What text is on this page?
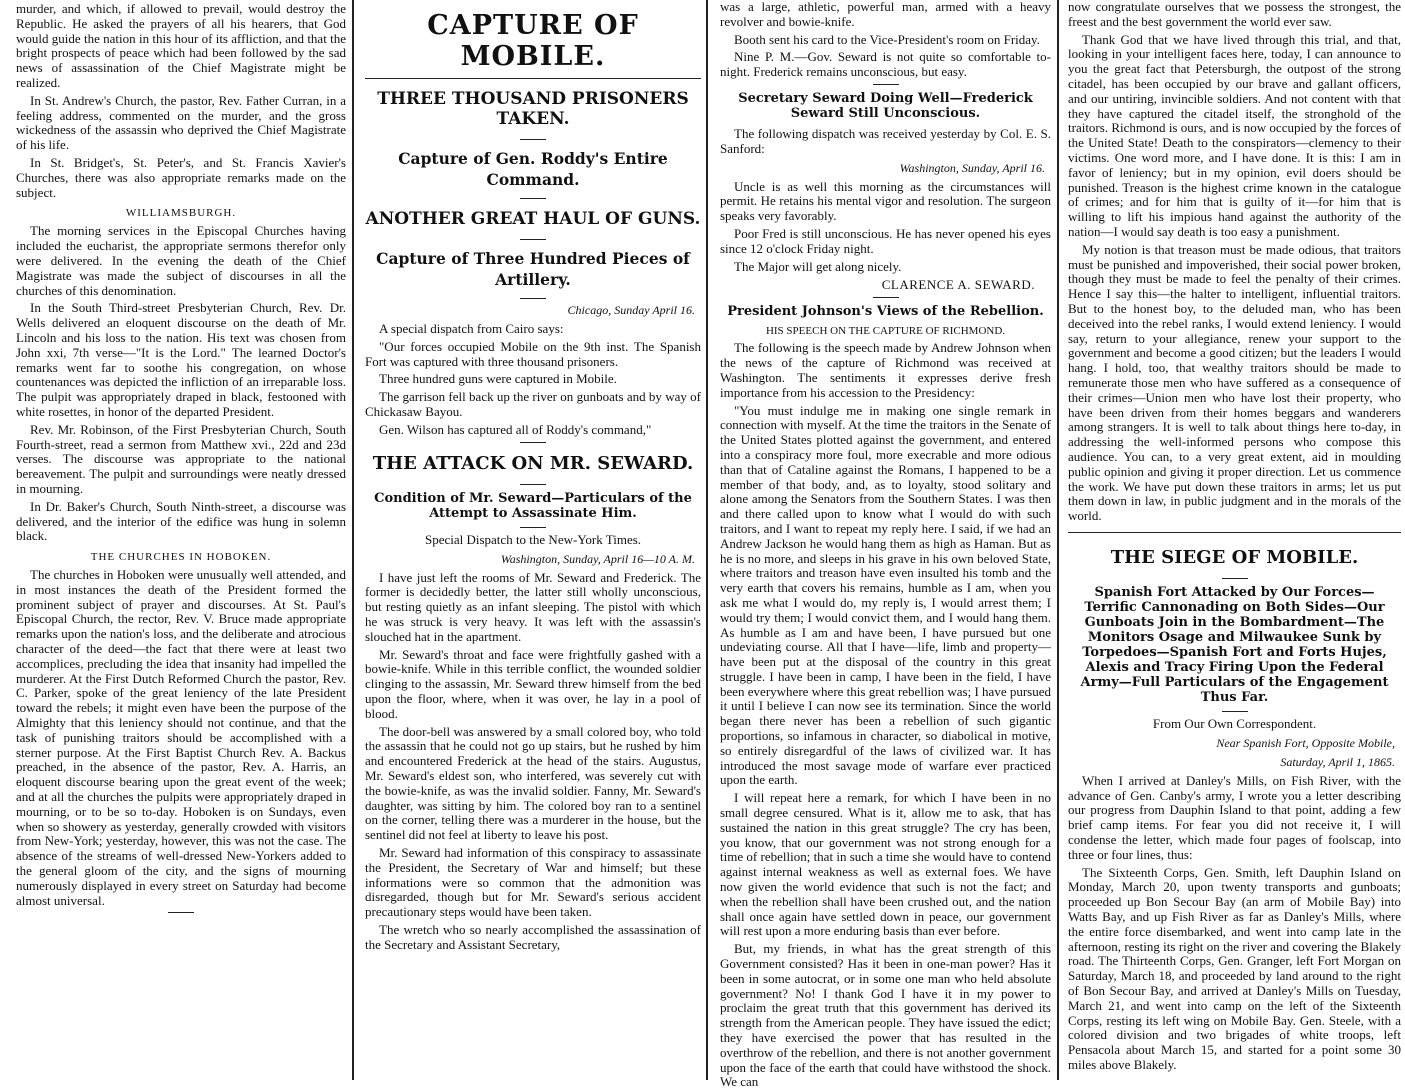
murder, and which, if allowed to prevail, would destroy the Republic. He asked the prayers of all his hearers, that God would guide the nation in this hour of its affliction, and that the bright prospects of peace which had been followed by the sad news of assassination of the Chief Magistrate might be realized.

In St. Andrew's Church, the pastor, Rev. Father Curran, in a feeling address, commented on the murder, and the gross wickedness of the assassin who deprived the Chief Magistrate of his life.

In St. Bridget's, St. Peter's, and St. Francis Xavier's Churches, there was also appropriate remarks made on the subject.

WILLIAMSBURGH.

The morning services in the Episcopal Churches having included the eucharist, the appropriate sermons therefor only were delivered. In the evening the death of the Chief Magistrate was made the subject of discourses in all the churches of this denomination.

In the South Third-street Presbyterian Church, Rev. Dr. Wells delivered an eloquent discourse on the death of Mr. Lincoln and his loss to the nation. His text was chosen from John xxi, 7th verse—"It is the Lord." The learned Doctor's remarks went far to soothe his congregation, on whose countenances was depicted the infliction of an irreparable loss. The pulpit was appropriately draped in black, festooned with white rosettes, in honor of the departed President.

Rev. Mr. Robinson, of the First Presbyterian Church, South Fourth-street, read a sermon from Matthew xvi., 22d and 23d verses. The discourse was appropriate to the national bereavement. The pulpit and surroundings were neatly dressed in mourning.

In Dr. Baker's Church, South Ninth-street, a discourse was delivered, and the interior of the edifice was hung in solemn black.

THE CHURCHES IN HOBOKEN.

The churches in Hoboken were unusually well attended, and in most instances the death of the President formed the prominent subject of prayer and discourses. At St. Paul's Episcopal Church, the rector, Rev. V. Bruce made appropriate remarks upon the nation's loss, and the deliberate and atrocious character of the deed—the fact that there were at least two accomplices, precluding the idea that insanity had impelled the murderer. At the First Dutch Reformed Church the pastor, Rev. C. Parker, spoke of the great leniency of the late President toward the rebels; it might even have been the purpose of the Almighty that this leniency should not continue, and that the task of punishing traitors should be accomplished with a sterner purpose. At the First Baptist Church Rev. A. Backus preached, in the absence of the pastor, Rev. A. Harris, an eloquent discourse bearing upon the great event of the week; and at all the churches the pulpits were appropriately draped in mourning, or to be so to-day. Hoboken is on Sundays, even when so showery as yesterday, generally crowded with visitors from New-York; yesterday, however, this was not the case. The absence of the streams of well-dressed New-Yorkers added to the general gloom of the city, and the signs of mourning numerously displayed in every street on Saturday had become almost universal.

CAPTURE OF MOBILE.
THREE THOUSAND PRISONERS TAKEN.
Capture of Gen. Roddy's Entire Command.
ANOTHER GREAT HAUL OF GUNS.
Capture of Three Hundred Pieces of Artillery.
Chicago, Sunday April 16.

A special dispatch from Cairo says:

"Our forces occupied Mobile on the 9th inst. The Spanish Fort was captured with three thousand prisoners.

Three hundred guns were captured in Mobile.

The garrison fell back up the river on gunboats and by way of Chickasaw Bayou.

Gen. Wilson has captured all of Roddy's command,"

THE ATTACK ON MR. SEWARD.
Condition of Mr. Seward—Particulars of the Attempt to Assassinate Him.
Special Dispatch to the New-York Times.
Washington, Sunday, April 16—10 A. M.

I have just left the rooms of Mr. Seward and Frederick. The former is decidedly better, the latter still wholly unconscious, but resting quietly as an infant sleeping. The pistol with which he was struck is very heavy. It was left with the assassin's slouched hat in the apartment.

Mr. Seward's throat and face were frightfully gashed with a bowie-knife. While in this terrible conflict, the wounded soldier clinging to the assassin, Mr. Seward threw himself from the bed upon the floor, where, when it was over, he lay in a pool of blood.

The door-bell was answered by a small colored boy, who told the assassin that he could not go up stairs, but he rushed by him and encountered Frederick at the head of the stairs. Augustus, Mr. Seward's eldest son, who interfered, was severely cut with the bowie-knife, as was the invalid soldier. Fanny, Mr. Seward's daughter, was sitting by him. The colored boy ran to a sentinel on the corner, telling there was a murderer in the house, but the sentinel did not feel at liberty to leave his post.

Mr. Seward had information of this conspiracy to assassinate the President, the Secretary of War and himself; but these informations were so common that the admonition was disregarded, though but for Mr. Seward's serious accident precautionary steps would have been taken.

The wretch who so nearly accomplished the assassination of the Secretary and Assistant Secretary,

was a large, athletic, powerful man, armed with a heavy revolver and bowie-knife.

Booth sent his card to the Vice-President's room on Friday.

Nine P. M.—Gov. Seward is not quite so comfortable to-night. Frederick remains unconscious, but easy.

Secretary Seward Doing Well—Frederick Seward Still Unconscious.

The following dispatch was received yesterday by Col. E. S. Sanford:

Washington, Sunday, April 16.

Uncle is as well this morning as the circumstances will permit. He retains his mental vigor and resolution. The surgeon speaks very favorably.

Poor Fred is still unconscious. He has never opened his eyes since 12 o'clock Friday night.

The Major will get along nicely.

CLARENCE A. SEWARD.
President Johnson's Views of the Rebellion.
HIS SPEECH ON THE CAPTURE OF RICHMOND.

The following is the speech made by Andrew Johnson when the news of the capture of Richmond was received at Washington. The sentiments it expresses derive fresh importance from his accession to the Presidency:

"You must indulge me in making one single remark in connection with myself. At the time the traitors in the Senate of the United States plotted against the government, and entered into a conspiracy more foul, more execrable and more odious than that of Cataline against the Romans, I happened to be a member of that body, and, as to loyalty, stood solitary and alone among the Senators from the Southern States. I was then and there called upon to know what I would do with such traitors, and I want to repeat my reply here. I said, if we had an Andrew Jackson he would hang them as high as Haman. But as he is no more, and sleeps in his grave in his own beloved State, where traitors and treason have even insulted his tomb and the very earth that covers his remains, humble as I am, when you ask me what I would do, my reply is, I would arrest them; I would try them; I would convict them, and I would hang them. As humble as I am and have been, I have pursued but one undeviating course. All that I have—life, limb and property—have been put at the disposal of the country in this great struggle. I have been in camp, I have been in the field, I have been everywhere where this great rebellion was; I have pursued it until I believe I can now see its termination. Since the world began there never has been a rebellion of such gigantic proportions, so infamous in character, so diabolical in motive, so entirely disregardful of the laws of civilized war. It has introduced the most savage mode of warfare ever practiced upon the earth.

I will repeat here a remark, for which I have been in no small degree censured. What is it, allow me to ask, that has sustained the nation in this great struggle? The cry has been, you know, that our government was not strong enough for a time of rebellion; that in such a time she would have to contend against internal weakness as well as external foes. We have now given the world evidence that such is not the fact; and when the rebellion shall have been crushed out, and the nation shall once again have settled down in peace, our government will rest upon a more enduring basis than ever before.

But, my friends, in what has the great strength of this Government consisted? Has it been in one-man power? Has it been in some autocrat, or in some one man who held absolute government? No! I thank God I have it in my power to proclaim the great truth that this government has derived its strength from the American people. They have issued the edict; they have exercised the power that has resulted in the overthrow of the rebellion, and there is not another government upon the face of the earth that could have withstood the shock. We can

now congratulate ourselves that we possess the strongest, the freest and the best government the world ever saw.

Thank God that we have lived through this trial, and that, looking in your intelligent faces here, today, I can announce to you the great fact that Petersburgh, the outpost of the strong citadel, has been occupied by our brave and gallant officers, and our untiring, invincible soldiers. And not content with that they have captured the citadel itself, the stronghold of the traitors. Richmond is ours, and is now occupied by the forces of the United State! Death to the conspirators—clemency to their victims. One word more, and I have done. It is this: I am in favor of leniency; but in my opinion, evil doers should be punished. Treason is the highest crime known in the catalogue of crimes; and for him that is guilty of it—for him that is willing to lift his impious hand against the authority of the nation—I would say death is too easy a punishment.

My notion is that treason must be made odious, that traitors must be punished and impoverished, their social power broken, though they must be made to feel the penalty of their crimes. Hence I say this—the halter to intelligent, influential traitors. But to the honest boy, to the deluded man, who has been deceived into the rebel ranks, I would extend leniency. I would say, return to your allegiance, renew your support to the government and become a good citizen; but the leaders I would hang. I hold, too, that wealthy traitors should be made to remunerate those men who have suffered as a consequence of their crimes—Union men who have lost their property, who have been driven from their homes beggars and wanderers among strangers. It is well to talk about things here to-day, in addressing the well-informed persons who compose this audience. You can, to a very great extent, aid in moulding public opinion and giving it proper direction. Let us commence the work. We have put down these traitors in arms; let us put them down in law, in public judgment and in the morals of the world.

THE SIEGE OF MOBILE.
Spanish Fort Attacked by Our Forces—Terrific Cannonading on Both Sides—Our Gunboats Join in the Bombardment—The Monitors Osage and Milwaukee Sunk by Torpedoes—Spanish Fort and Forts Hujes, Alexis and Tracy Firing Upon the Federal Army—Full Particulars of the Engagement Thus Far.
From Our Own Correspondent.
Near Spanish Fort, Opposite Mobile,
Saturday, April 1, 1865.

When I arrived at Danley's Mills, on Fish River, with the advance of Gen. Canby's army, I wrote you a letter describing our progress from Dauphin Island to that point, adding a few brief camp items. For fear you did not receive it, I will condense the letter, which made four pages of foolscap, into three or four lines, thus:

The Sixteenth Corps, Gen. Smith, left Dauphin Island on Monday, March 20, upon twenty transports and gunboats; proceeded up Bon Secour Bay (an arm of Mobile Bay) into Watts Bay, and up Fish River as far as Danley's Mills, where the entire force disembarked, and went into camp late in the afternoon, resting its right on the river and covering the Blakely road. The Thirteenth Corps, Gen. Granger, left Fort Morgan on Saturday, March 18, and proceeded by land around to the right of Bon Secour Bay, and arrived at Danley's Mills on Tuesday, March 21, and went into camp on the left of the Sixteenth Corps, resting its left wing on Mobile Bay. Gen. Steele, with a colored division and two brigades of white troops, left Pensacola about March 15, and started for a point some 30 miles above Blakely.
